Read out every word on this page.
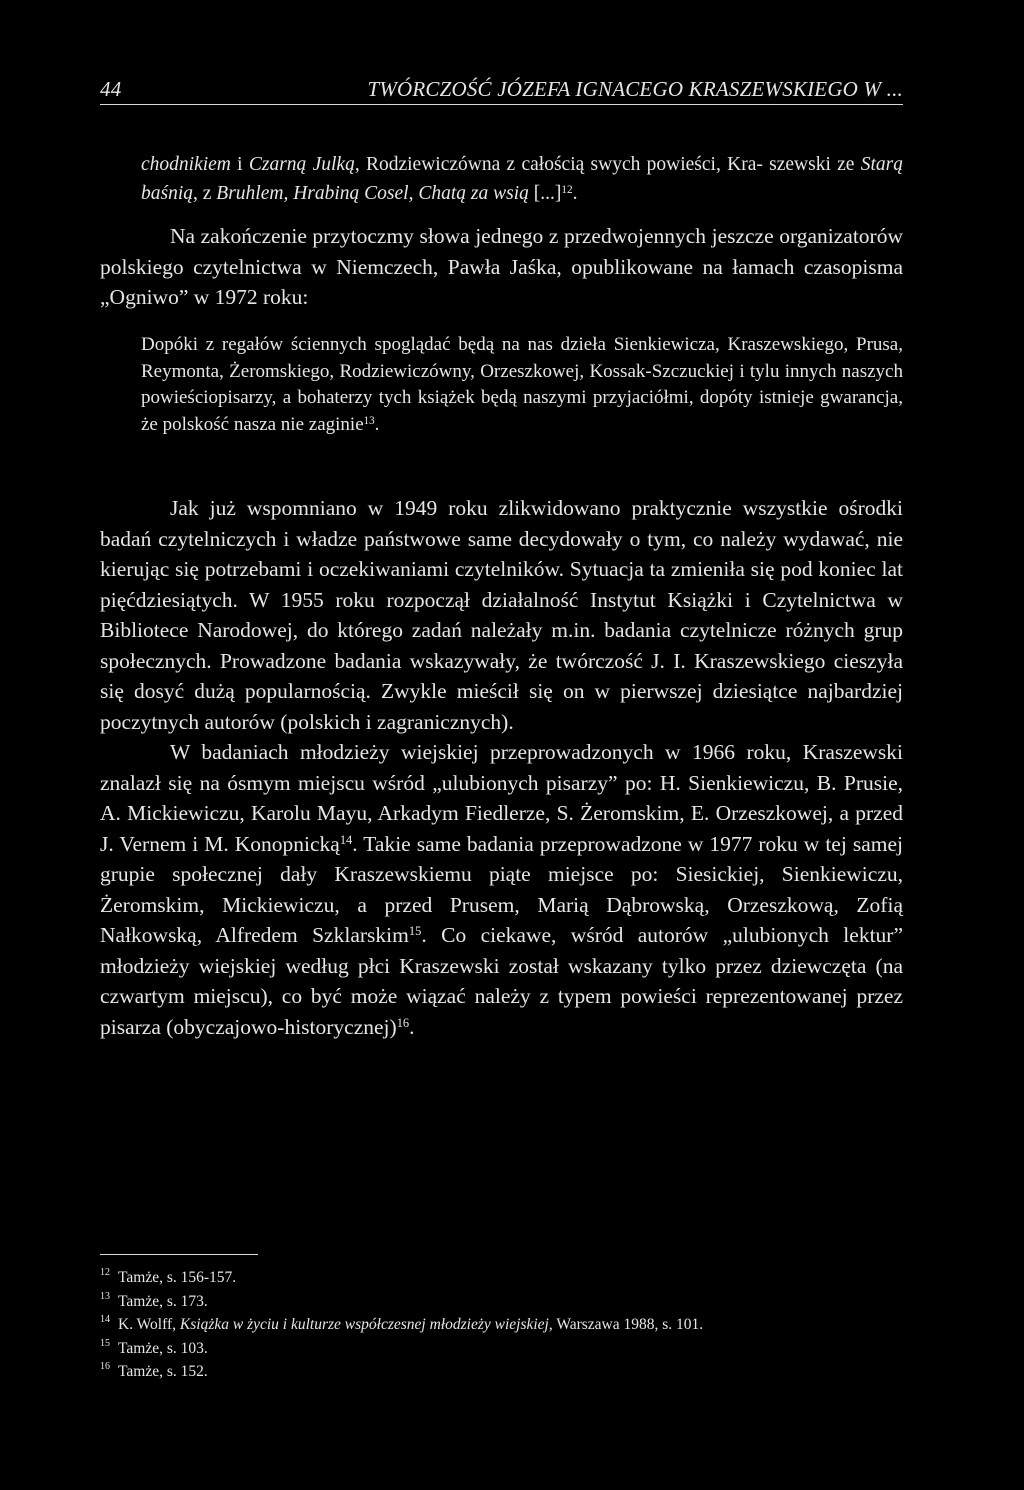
44	TWÓRCZOŚĆ JÓZEFA IGNACEGO KRASZEWSKIEGO W ...

chodnikiem i Czarną Julką, Rodziewiczówna z całością swych powieści, Kra- szewski ze Starą baśnią, z Bruhlem, Hrabiną Cosel, Chatą za wsią [...]$^{12}$.

Na zakończenie przytoczmy słowa jednego z przedwojennych jeszcze organizatorów polskiego czytelnictwa w Niemczech, Pawła Jaśka, opublikowane na łamach czasopisma „Ogniwo” w 1972 roku:

Dopóki z regałów ściennych spoglądać będą na nas dzieła Sienkiewicza, Kraszewskiego, Prusa, Reymonta, Żeromskiego, Rodziewiczówny, Orzeszkowej, Kossak-Szczuckiej i tylu innych naszych powieściopisarzy, a bohaterzy tych książek będą naszymi przyjaciółmi, dopóty istnieje gwarancja, że polskość nasza nie zaginie$^{13}$.

Jak już wspomniano w 1949 roku zlikwidowano praktycznie wszystkie ośrodki badań czytelniczych i władze państwowe same decydowały o tym, co należy wydawać, nie kierując się potrzebami i oczekiwaniami czytelników. Sytuacja ta zmieniła się pod koniec lat pięćdziesiątych. W 1955 roku rozpoczął działalność Instytut Książki i Czytelnictwa w Bibliotece Narodowej, do którego zadań należały m.in. badania czytelnicze różnych grup społecznych. Prowadzone badania wskazywały, że twórczość J. I. Kraszewskiego cieszyła się dosyć dużą popularnością. Zwykle mieścił się on w pierwszej dziesiątce najbardziej poczytnych autorów (polskich i zagranicznych).

W badaniach młodzieży wiejskiej przeprowadzonych w 1966 roku, Kraszewski znalazł się na ósmym miejscu wśród „ulubionych pisarzy” po: H. Sienkiewiczu, B. Prusie, A. Mickiewiczu, Karolu Mayu, Arkadym Fiedlerze, S. Żeromskim, E. Orzeszkowej, a przed J. Vernem i M. Konopnicką$^{14}$. Takie same badania przeprowadzone w 1977 roku w tej samej grupie społecznej dały Kraszewskiemu piąte miejsce po: Siesickiej, Sienkiewiczu, Żeromskim, Mickiewiczu, a przed Prusem, Marią Dąbrowską, Orzeszkową, Zofią Nałkowską, Alfredem Szklarskim$^{15}$. Co ciekawe, wśród autorów „ulubionych lektur” młodzieży wiejskiej według płci Kraszewski został wskazany tylko przez dziewczęta (na czwartym miejscu), co być może wiązać należy z typem powieści reprezentowanej przez pisarza (obyczajowo-historycznej)$^{16}$.

12 Tamże, s. 156-157.
13 Tamże, s. 173.
14 K. Wolff, Książka w życiu i kulturze współczesnej młodzieży wiejskiej, Warszawa 1988, s. 101.
15 Tamże, s. 103.
16 Tamże, s. 152.
